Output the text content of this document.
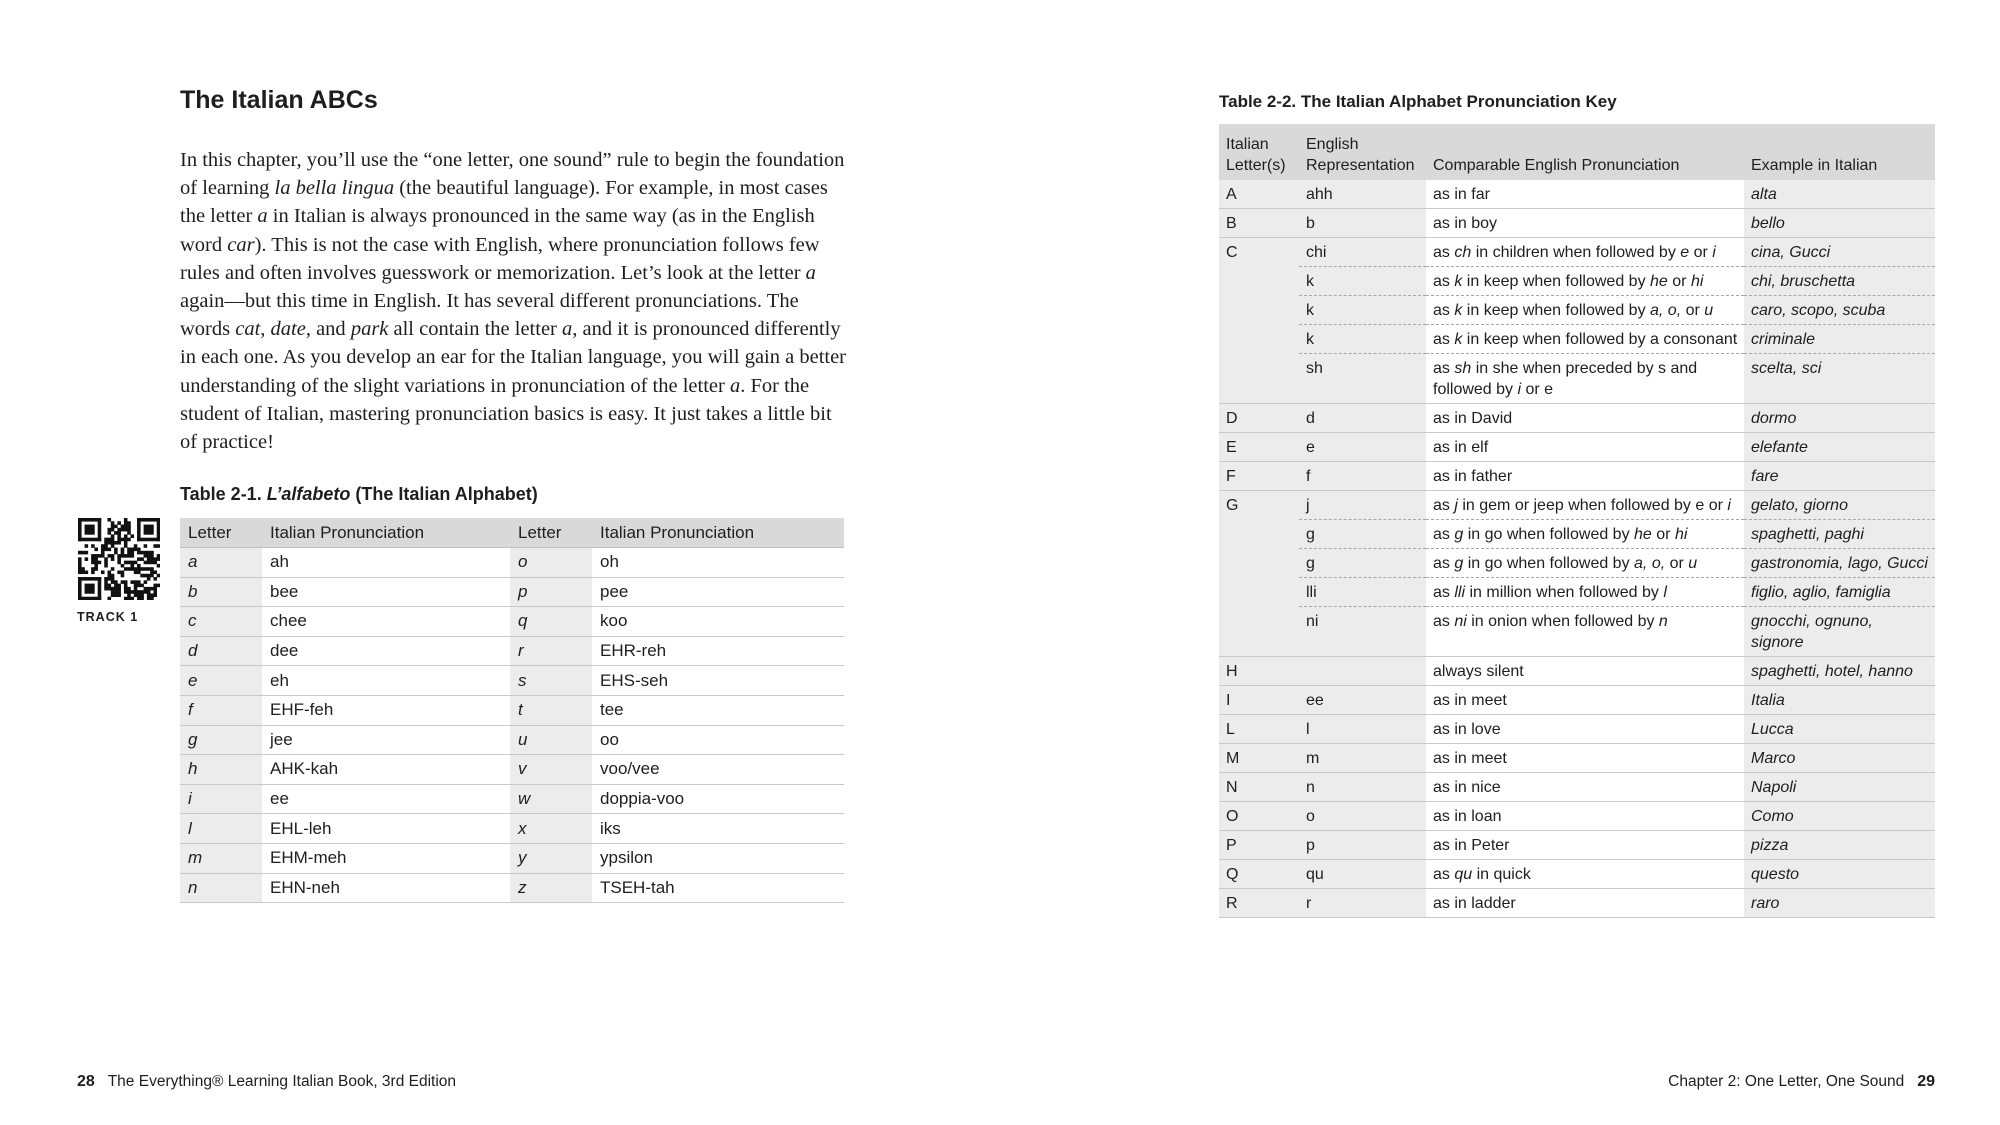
The Italian ABCs

In this chapter, you’ll use the “one letter, one sound” rule to begin the foundation of learning la bella lingua (the beautiful language). For example, in most cases the letter a in Italian is always pronounced in the same way (as in the English word car). This is not the case with English, where pronunciation follows few rules and often involves guesswork or memorization. Let’s look at the letter a again—but this time in English. It has several different pronunciations. The words cat, date, and park all contain the letter a, and it is pronounced differently in each one. As you develop an ear for the Italian language, you will gain a better understanding of the slight variations in pronunciation of the letter a. For the student of Italian, mastering pronunciation basics is easy. It just takes a little bit of practice!

Table 2-1. L’alfabeto (The Italian Alphabet)
TRACK 1
Letter	Italian Pronunciation	Letter	Italian Pronunciation
a	ah	o	oh
b	bee	p	pee
c	chee	q	koo
d	dee	r	EHR-reh
e	eh	s	EHS-seh
f	EHF-feh	t	tee
g	jee	u	oo
h	AHK-kah	v	voo/vee
i	ee	w	doppia-voo
l	EHL-leh	x	iks
m	EHM-meh	y	ypsilon
n	EHN-neh	z	TSEH-tah
28 The Everything® Learning Italian Book, 3rd Edition
Table 2-2. The Italian Alphabet Pronunciation Key
Italian Letter(s)	English Representation	Comparable English Pronunciation	Example in Italian
A	ahh	as in far	alta
B	b	as in boy	bello
C	chi	as ch in children when followed by e or i	cina, Gucci
	k	as k in keep when followed by he or hi	chi, bruschetta
	k	as k in keep when followed by a, o, or u	caro, scopo, scuba
	k	as k in keep when followed by a consonant	criminale
	sh	as sh in she when preceded by s and followed by i or e	scelta, sci
D	d	as in David	dormo
E	e	as in elf	elefante
F	f	as in father	fare
G	j	as j in gem or jeep when followed by e or i	gelato, giorno
	g	as g in go when followed by he or hi	spaghetti, paghi
	g	as g in go when followed by a, o, or u	gastronomia, lago, Gucci
	lli	as lli in million when followed by l	figlio, aglio, famiglia
	ni	as ni in onion when followed by n	gnocchi, ognuno, signore
H		always silent	spaghetti, hotel, hanno
I	ee	as in meet	Italia
L	l	as in love	Lucca
M	m	as in meet	Marco
N	n	as in nice	Napoli
O	o	as in loan	Como
P	p	as in Peter	pizza
Q	qu	as qu in quick	questo
R	r	as in ladder	raro
Chapter 2: One Letter, One Sound 29
